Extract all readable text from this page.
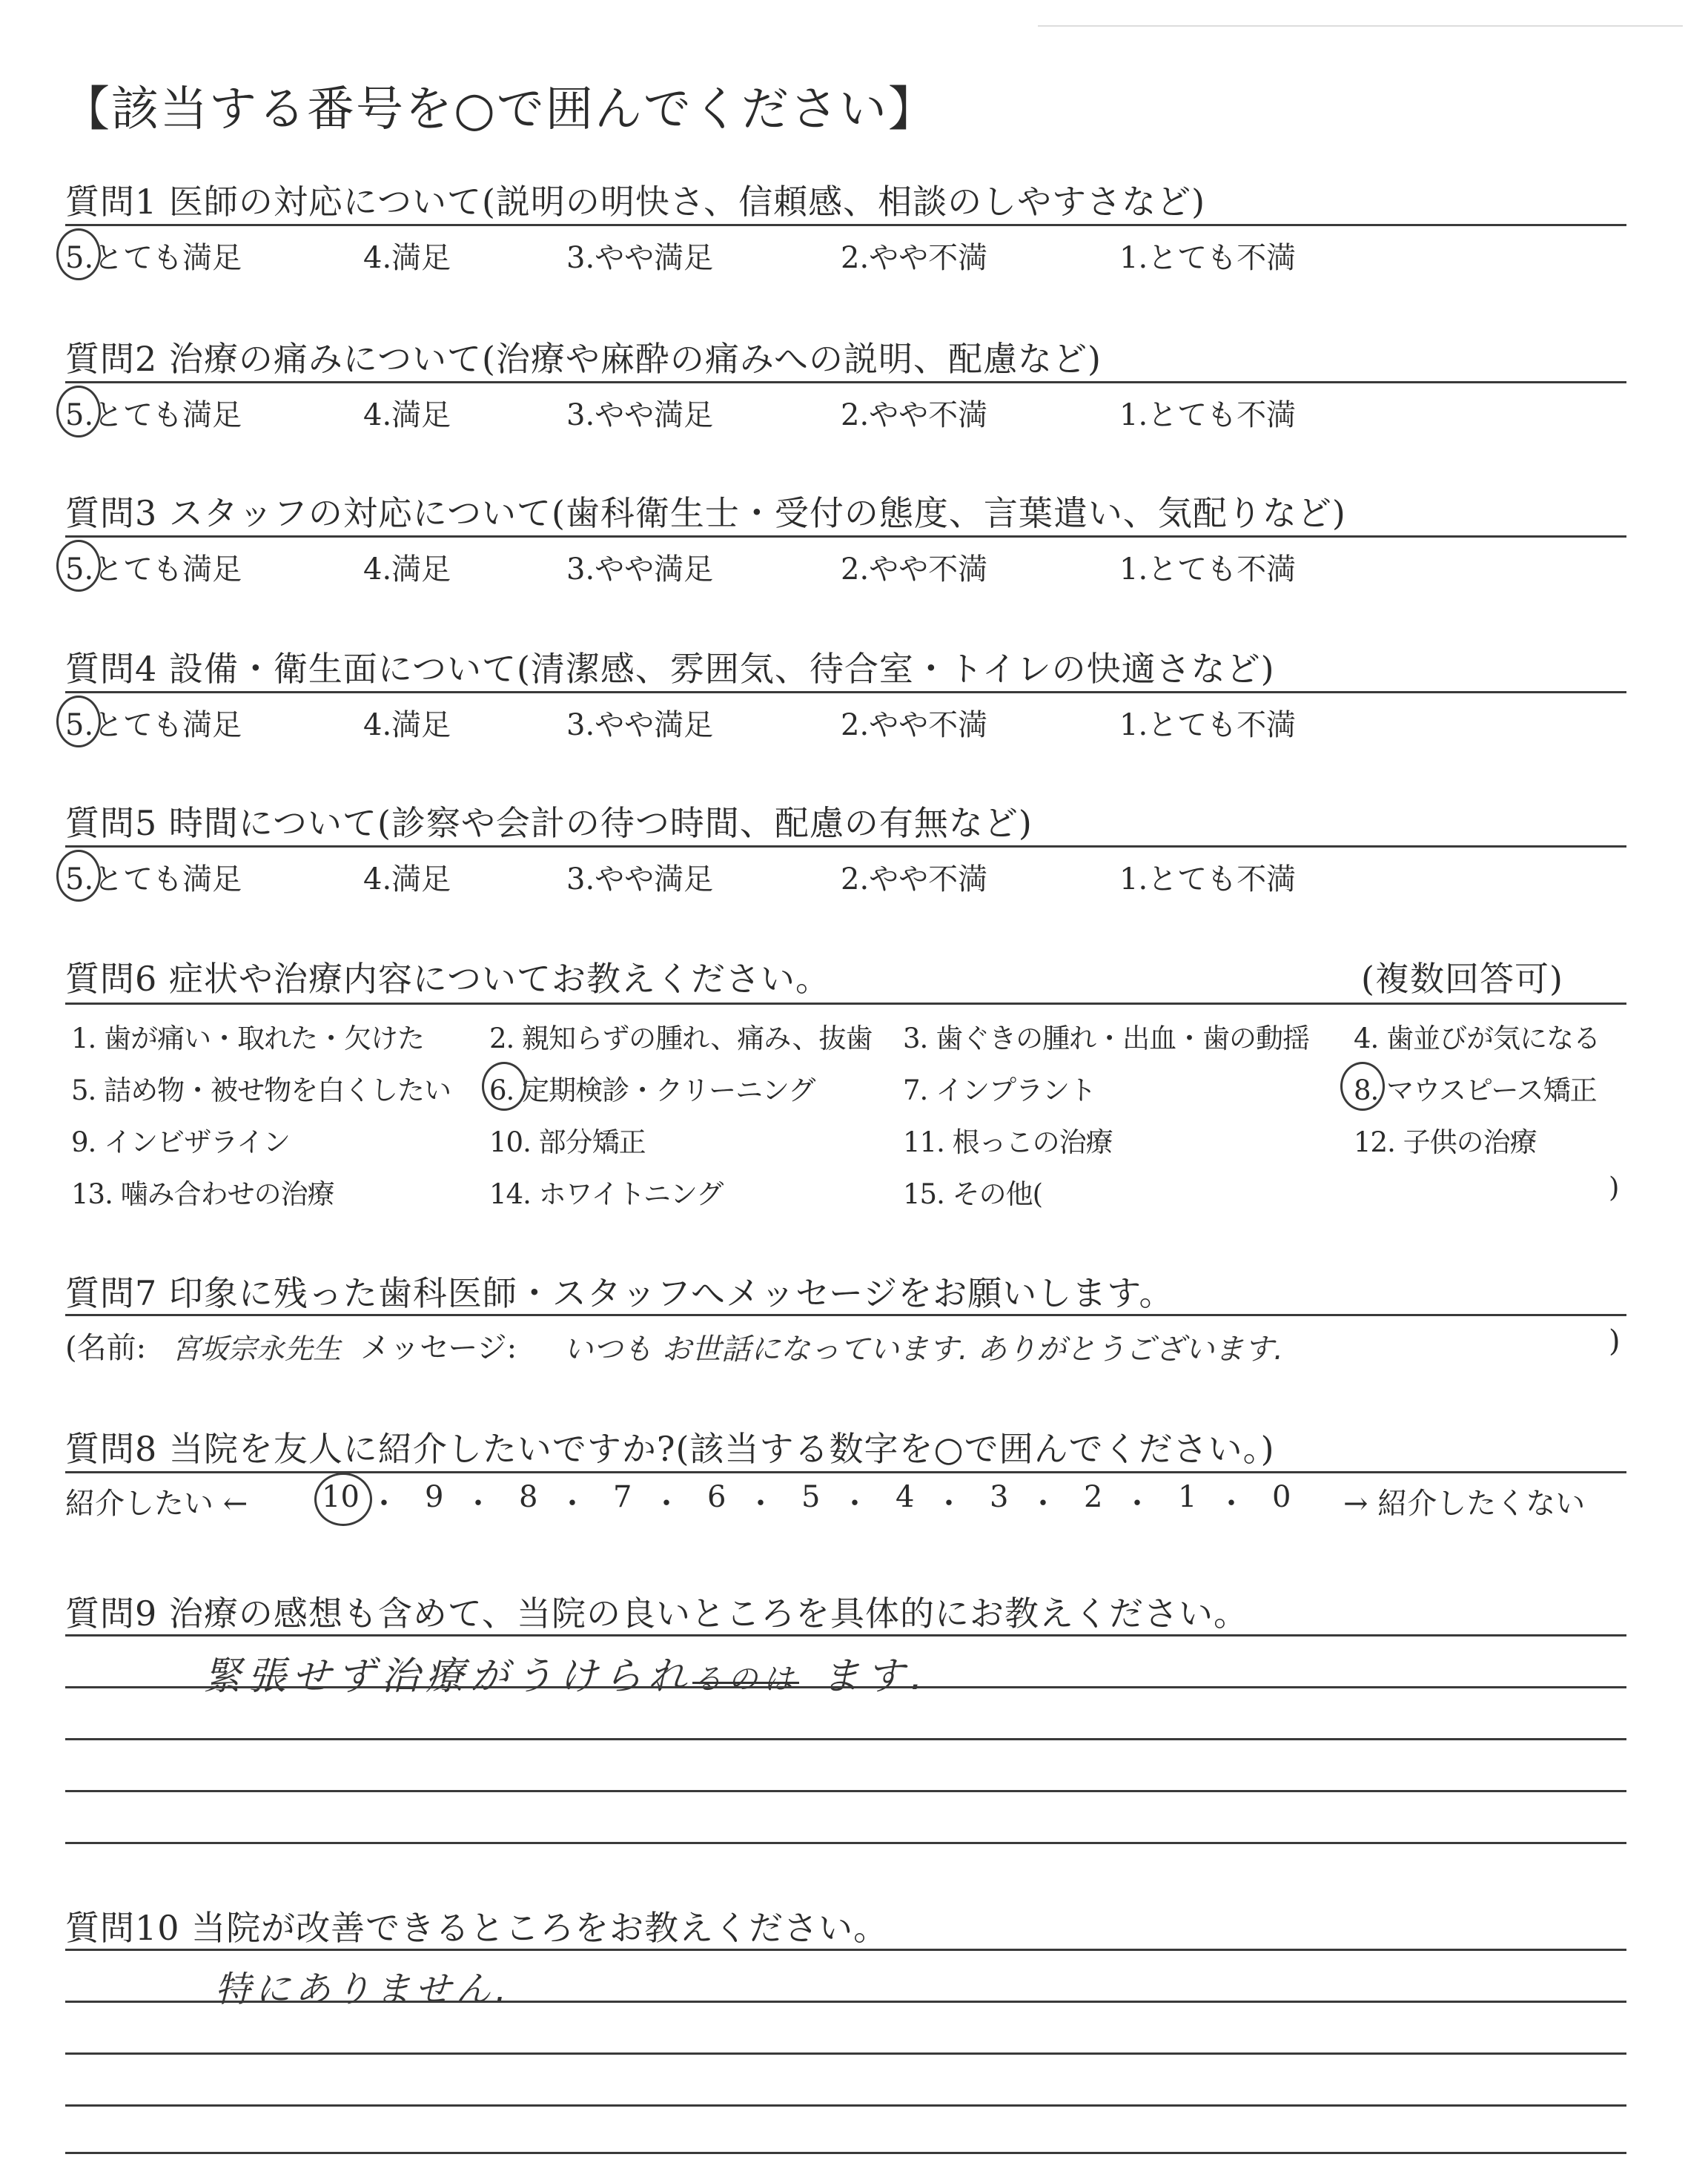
【該当する番号を○で囲んでください】
質問1 医師の対応について(説明の明快さ、信頼感、相談のしやすさなど)
5.とても満足	4.満足	3.やや満足	2.やや不満	1.とても不満
質問2 治療の痛みについて(治療や麻酔の痛みへの説明、配慮など)
5.とても満足	4.満足	3.やや満足	2.やや不満	1.とても不満
質問3 スタッフの対応について(歯科衛生士・受付の態度、言葉遣い、気配りなど)
5.とても満足	4.満足	3.やや満足	2.やや不満	1.とても不満
質問4 設備・衛生面について(清潔感、雰囲気、待合室・トイレの快適さなど)
5.とても満足	4.満足	3.やや満足	2.やや不満	1.とても不満
質問5 時間について(診察や会計の待つ時間、配慮の有無など)
5.とても満足	4.満足	3.やや満足	2.やや不満	1.とても不満
質問6 症状や治療内容についてお教えください。	(複数回答可)
1. 歯が痛い・取れた・欠けた 2. 親知らずの腫れ、痛み、抜歯 3. 歯ぐきの腫れ・出血・歯の動揺 4. 歯並びが気になる
5. 詰め物・被せ物を白くしたい 6. 定期検診・クリーニング	7. インプラント	8. マウスピース矯正
9. インビザライン	10. 部分矯正	11. 根っこの治療	12. 子供の治療
13. 噛み合わせの治療	14. ホワイトニング	15. その他(	)
質問7 印象に残った歯科医師・スタッフへメッセージをお願いします。
(名前: 宮坂宗永先生 メッセージ: いつも お世話になっています. ありがとうございます.	)
質問8 当院を友人に紹介したいですか?(該当する数字を○で囲んでください。)
紹介したい ← 10 ・ 9 ・ 8 ・ 7 ・ 6 ・ 5 ・ 4 ・ 3 ・ 2 ・ 1 ・ 0 → 紹介したくない
質問9 治療の感想も含めて、当院の良いところを具体的にお教えください。
緊張せず治療がうけられるのは ます.
質問10 当院が改善できるところをお教えください。
特にありません.
